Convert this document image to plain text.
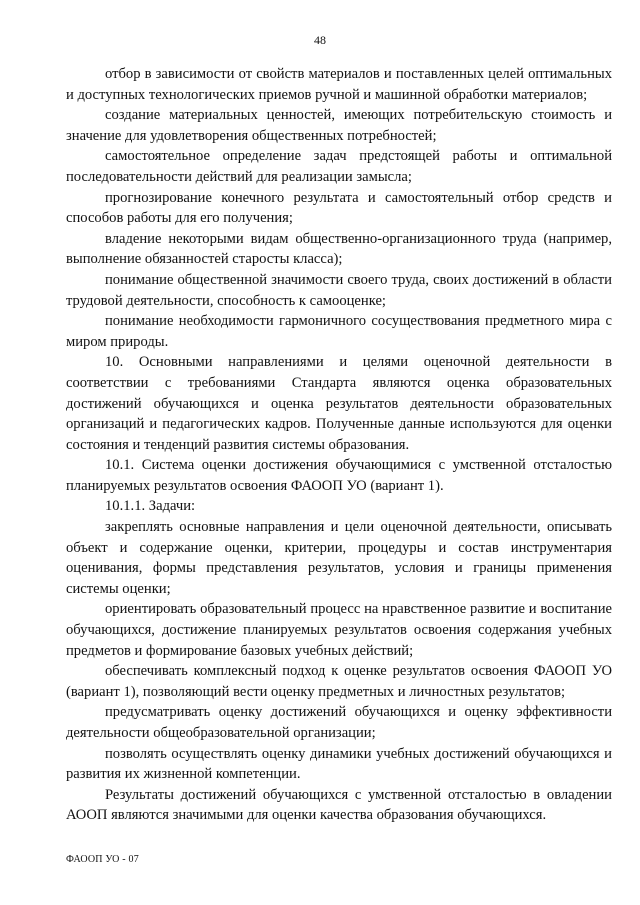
48

отбор в зависимости от свойств материалов и поставленных целей оптимальных и доступных технологических приемов ручной и машинной обработки материалов;

создание материальных ценностей, имеющих потребительскую стоимость и значение для удовлетворения общественных потребностей;

самостоятельное определение задач предстоящей работы и оптимальной последовательности действий для реализации замысла;

прогнозирование конечного результата и самостоятельный отбор средств и способов работы для его получения;

владение некоторыми видам общественно-организационного труда (например, выполнение обязанностей старосты класса);

понимание общественной значимости своего труда, своих достижений в области трудовой деятельности, способность к самооценке;

понимание необходимости гармоничного сосуществования предметного мира с миром природы.

10. Основными направлениями и целями оценочной деятельности в соответствии с требованиями Стандарта являются оценка образовательных достижений обучающихся и оценка результатов деятельности образовательных организаций и педагогических кадров. Полученные данные используются для оценки состояния и тенденций развития системы образования.

10.1. Система оценки достижения обучающимися с умственной отсталостью планируемых результатов освоения ФАООП УО (вариант 1).

10.1.1. Задачи:

закреплять основные направления и цели оценочной деятельности, описывать объект и содержание оценки, критерии, процедуры и состав инструментария оценивания, формы представления результатов, условия и границы применения системы оценки;

ориентировать образовательный процесс на нравственное развитие и воспитание обучающихся, достижение планируемых результатов освоения содержания учебных предметов и формирование базовых учебных действий;

обеспечивать комплексный подход к оценке результатов освоения ФАООП УО (вариант 1), позволяющий вести оценку предметных и личностных результатов;

предусматривать оценку достижений обучающихся и оценку эффективности деятельности общеобразовательной организации;

позволять осуществлять оценку динамики учебных достижений обучающихся и развития их жизненной компетенции.

Результаты достижений обучающихся с умственной отсталостью в овладении АООП являются значимыми для оценки качества образования обучающихся.

ФАООП УО - 07
